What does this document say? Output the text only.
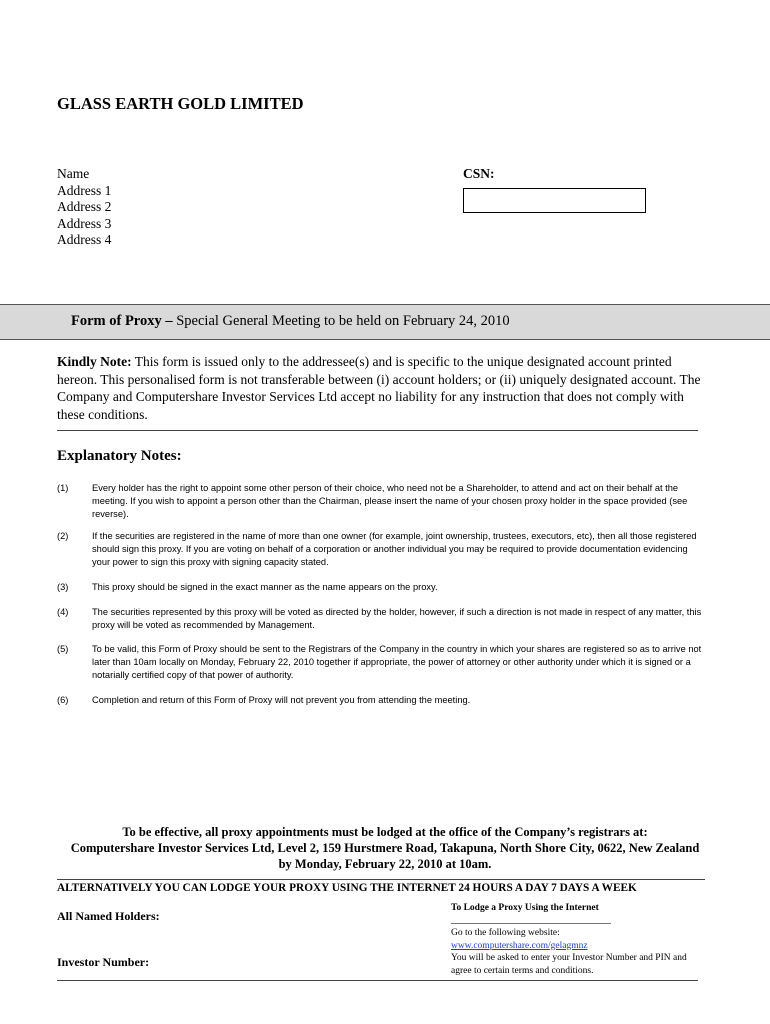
GLASS EARTH GOLD LIMITED
Name
Address 1
Address 2
Address 3
Address 4
CSN:
Form of Proxy – Special General Meeting to be held on February 24, 2010
Kindly Note: This form is issued only to the addressee(s) and is specific to the unique designated account printed hereon. This personalised form is not transferable between (i) account holders; or (ii) uniquely designated account. The Company and Computershare Investor Services Ltd accept no liability for any instruction that does not comply with these conditions.
Explanatory Notes:
(1)	Every holder has the right to appoint some other person of their choice, who need not be a Shareholder, to attend and act on their behalf at the meeting. If you wish to appoint a person other than the Chairman, please insert the name of your chosen proxy holder in the space provided (see reverse).
(2)	If the securities are registered in the name of more than one owner (for example, joint ownership, trustees, executors, etc), then all those registered should sign this proxy. If you are voting on behalf of a corporation or another individual you may be required to provide documentation evidencing your power to sign this proxy with signing capacity stated.
(3)	This proxy should be signed in the exact manner as the name appears on the proxy.
(4)	The securities represented by this proxy will be voted as directed by the holder, however, if such a direction is not made in respect of any matter, this proxy will be voted as recommended by Management.
(5)	To be valid, this Form of Proxy should be sent to the Registrars of the Company in the country in which your shares are registered so as to arrive not later than 10am locally on Monday, February 22, 2010 together if appropriate, the power of attorney or other authority under which it is signed or a notarially certified copy of that power of authority.
(6)	Completion and return of this Form of Proxy will not prevent you from attending the meeting.
To be effective, all proxy appointments must be lodged at the office of the Company’s registrars at:
Computershare Investor Services Ltd, Level 2, 159 Hurstmere Road, Takapuna, North Shore City, 0622, New Zealand
by Monday, February 22, 2010 at 10am.
ALTERNATIVELY YOU CAN LODGE YOUR PROXY USING THE INTERNET 24 HOURS A DAY 7 DAYS A WEEK
All Named Holders:
Investor Number:
To Lodge a Proxy Using the Internet
Go to the following website:
www.computershare.com/gelagmnz
You will be asked to enter your Investor Number and PIN and agree to certain terms and conditions.
